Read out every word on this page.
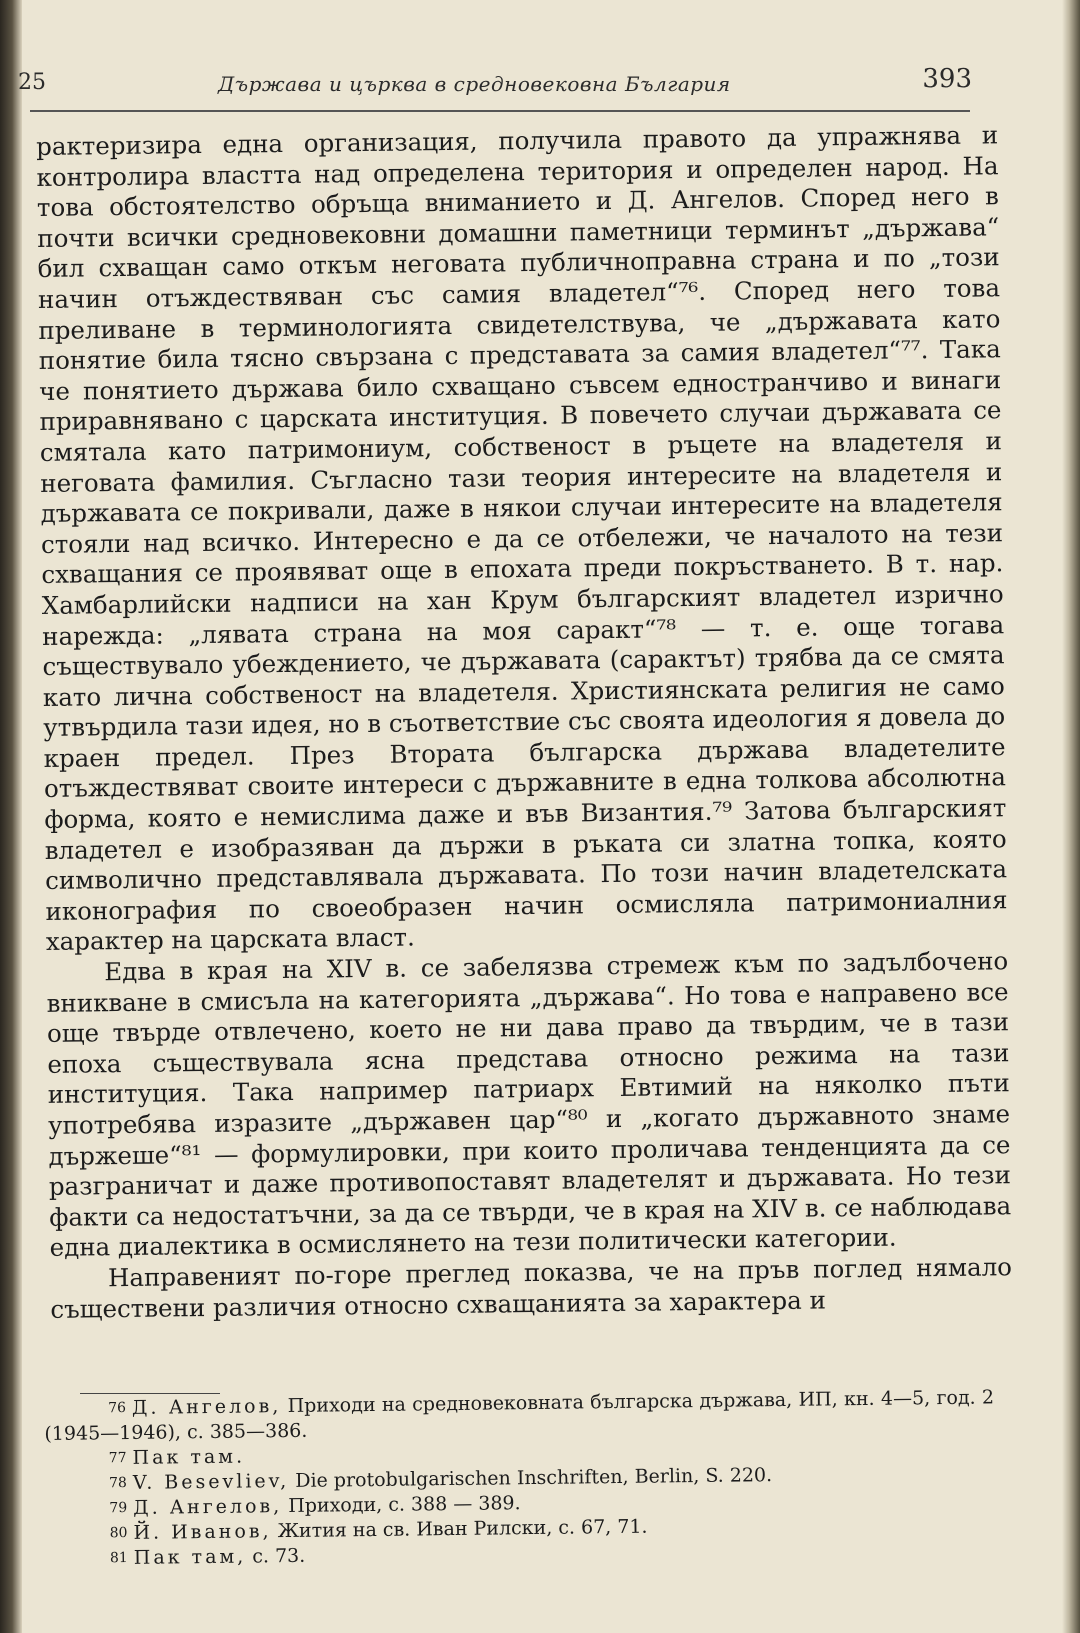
25	Държава и църква в средновековна България	393

рактеризира една организация, получила правото да упражнява и контролира властта над определена територия и определен народ. На това обстоятелство обръща вниманието и Д. Ангелов. Според него в почти всички средновековни домашни паметници терминът „държава“ бил схващан само откъм неговата публичноправна страна и по „този начин отъждествяван със самия владетел“⁷⁶. Според него това преливане в терминологията свидетелствува, че „държавата като понятие била тясно свързана с представата за самия владетел“⁷⁷. Така че понятието държава било схващано съвсем едностранчиво и винаги приравнявано с царската институция. В повечето случаи държавата се смятала като патримониум, собственост в ръцете на владетеля и неговата фамилия. Съгласно тази теория интересите на владетеля и държавата се покривали, даже в някои случаи интересите на владетеля стояли над всичко. Интересно е да се отбележи, че началото на тези схващания се проявяват още в епохата преди покръстването. В т. нар. Хамбарлийски надписи на хан Крум българският владетел изрично нарежда: „лявата страна на моя саракт“⁷⁸ — т. е. още тогава съществувало убеждението, че държавата (сарактът) трябва да се смята като лична собственост на владетеля. Християнската религия не само утвърдила тази идея, но в съответствие със своята идеология я довела до краен предел. През Втората българска държава владетелите отъждествяват своите интереси с държавните в една толкова абсолютна форма, която е немислима даже и във Византия.⁷⁹ Затова българският владетел е изобразяван да държи в ръката си златна топка, която символично представлявала държавата. По този начин владетелската иконография по своеобразен начин осмисляла патримониалния характер на царската власт.

Едва в края на XIV в. се забелязва стремеж към по задълбочено вникване в смисъла на категорията „държава“. Но това е направено все още твърде отвлечено, което не ни дава право да твърдим, че в тази епоха съществувала ясна представа относно режима на тази институция. Така например патриарх Евтимий на няколко пъти употребява изразите „държавен цар“⁸⁰ и „когато държавното знаме държеше“⁸¹ — формулировки, при които проличава тенденцията да се разграничат и даже противопоставят владетелят и държавата. Но тези факти са недостатъчни, за да се твърди, че в края на XIV в. се наблюдава една диалектика в осмислянето на тези политически категории.

Направеният по-горе преглед показва, че на пръв поглед нямало съществени различия относно схващанията за характера и

76 Д. Ангелов, Приходи на средновековната българска държава, ИП, кн. 4—5, год. 2 (1945—1946), с. 385—386.

77 Пак там.

78 V. Besevliev, Die protobulgarischen Inschriften, Berlin, S. 220.

79 Д. Ангелов, Приходи, с. 388 — 389.

80 Й. Иванов, Жития на св. Иван Рилски, с. 67, 71.

81 Пак там, с. 73.
